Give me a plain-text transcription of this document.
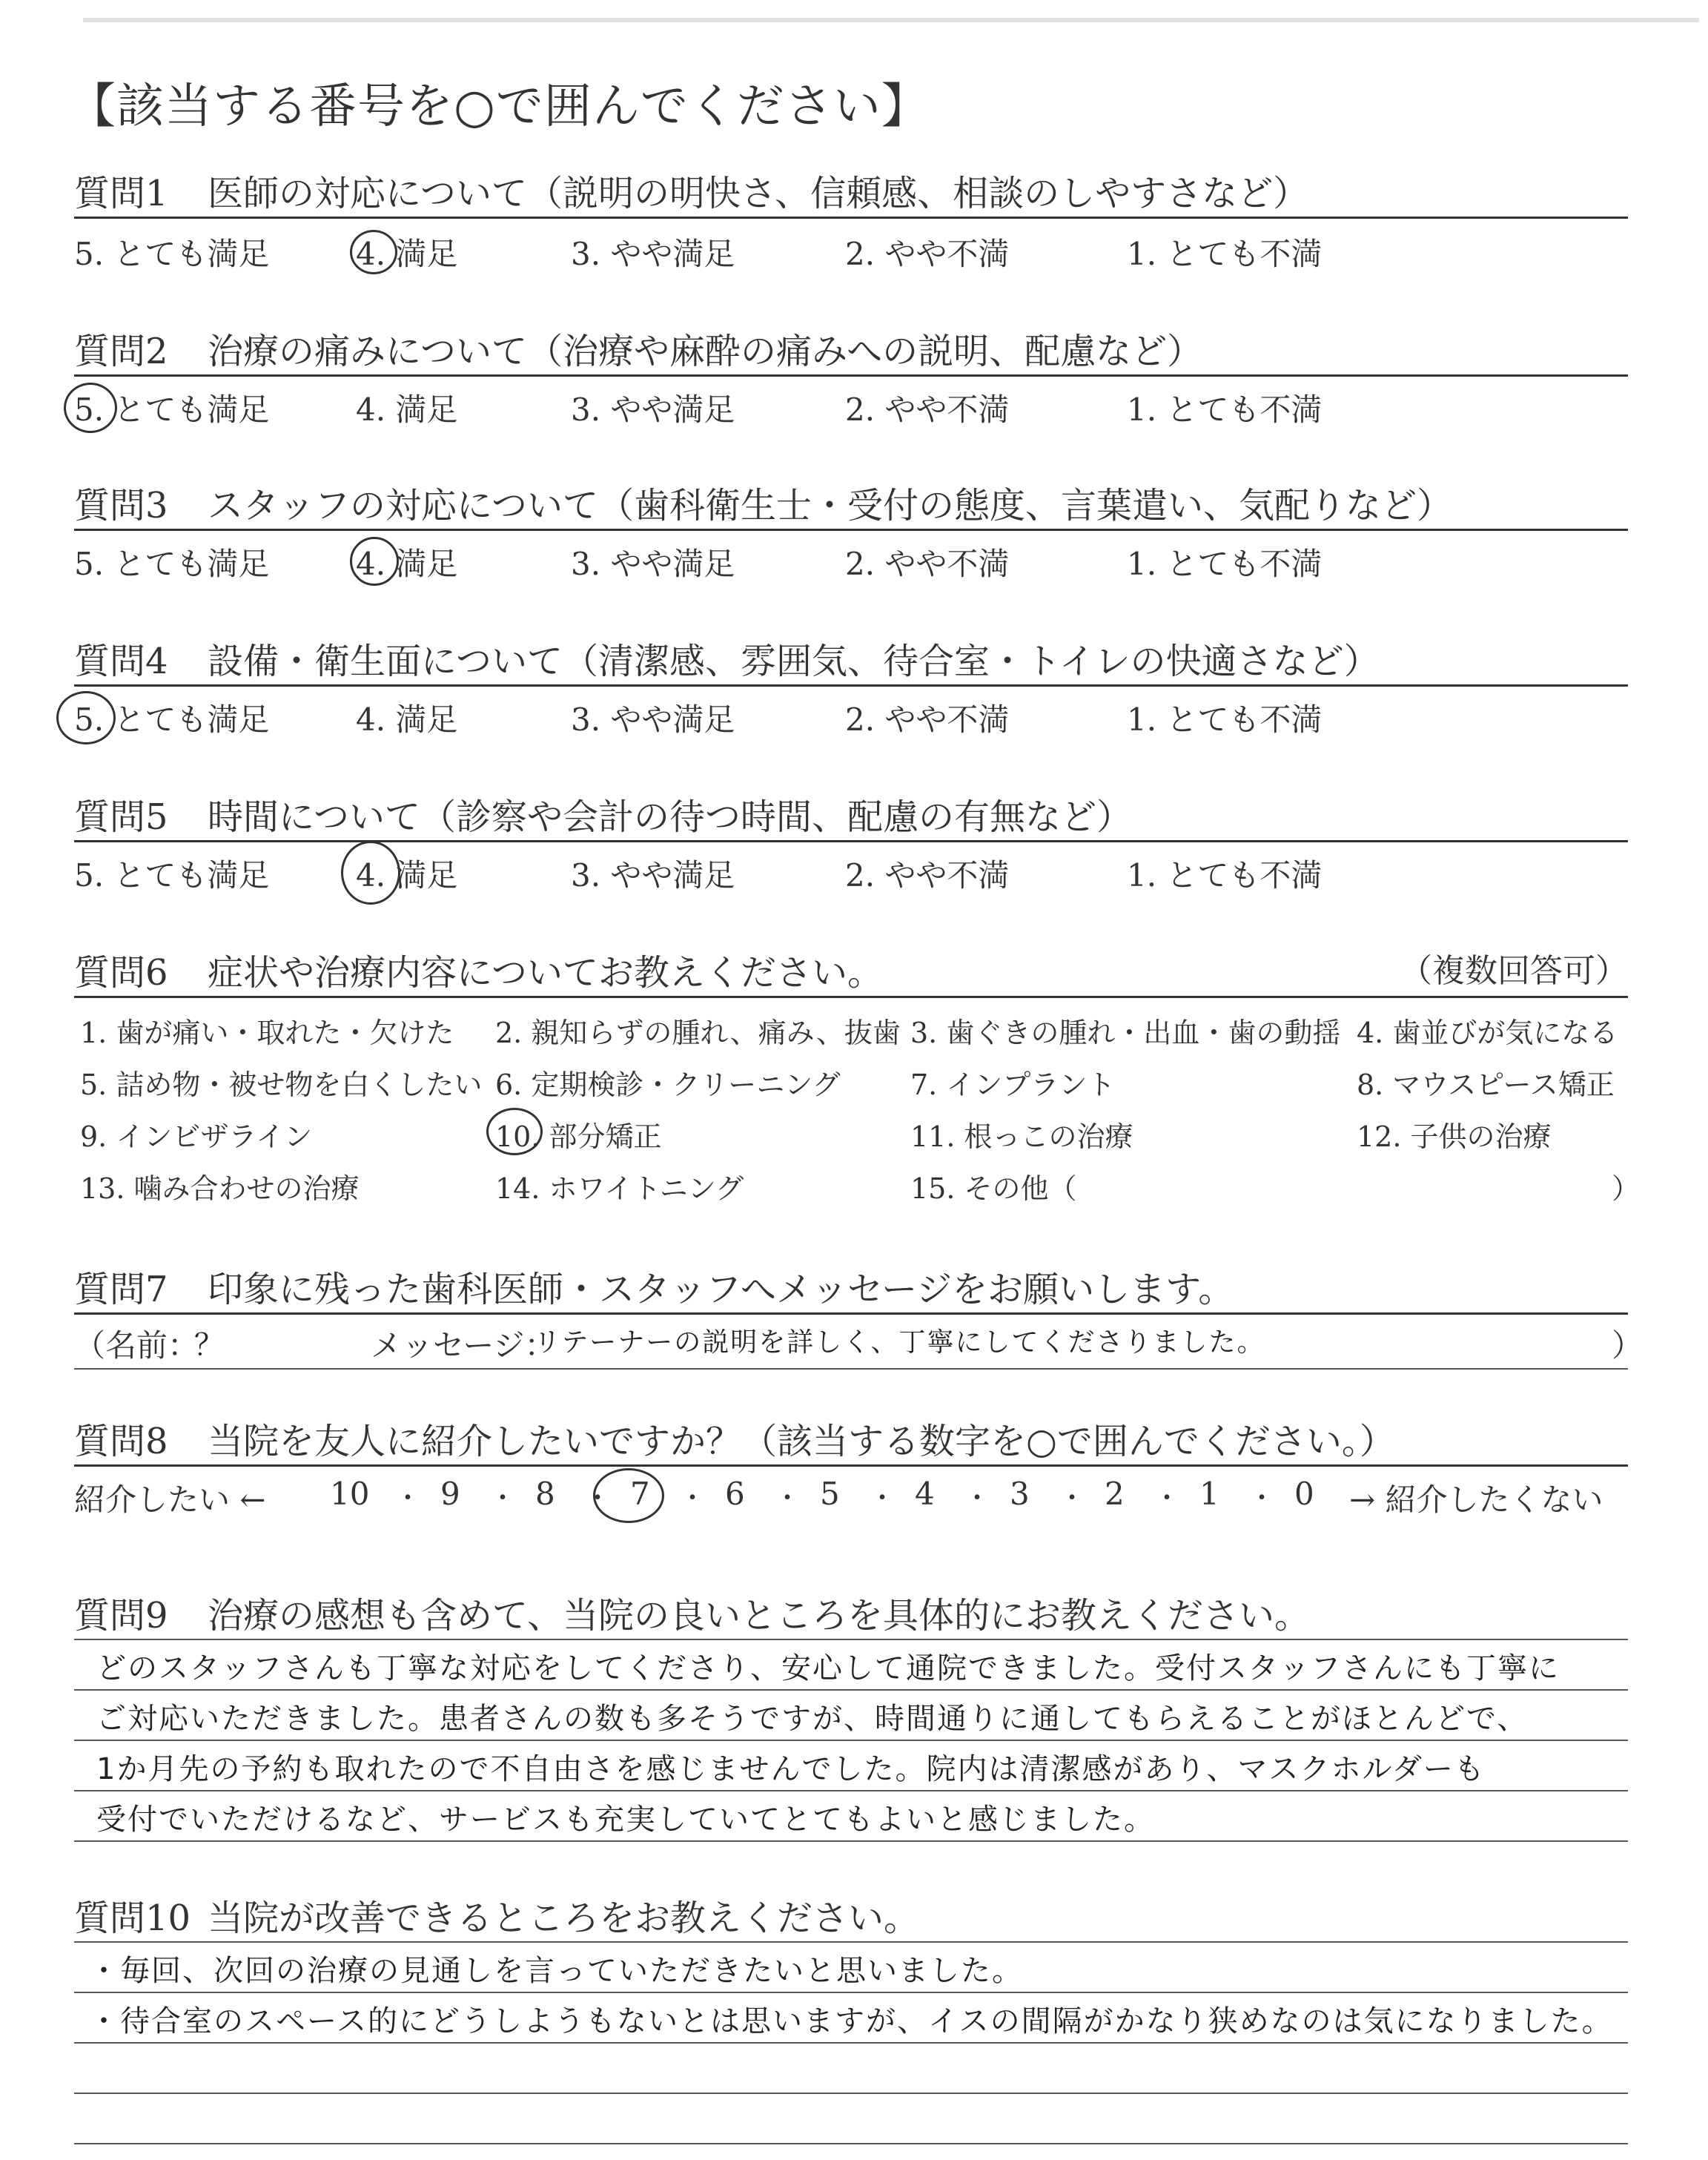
【該当する番号を○で囲んでください】
質問1 医師の対応について（説明の明快さ、信頼感、相談のしやすさなど）
5. とても満足	4. 満足	3. やや満足	2. やや不満	1. とても不満
質問2 治療の痛みについて（治療や麻酔の痛みへの説明、配慮など）
5. とても満足	4. 満足	3. やや満足	2. やや不満	1. とても不満
質問3 スタッフの対応について（歯科衛生士・受付の態度、言葉遣い、気配りなど）
5. とても満足	4. 満足	3. やや満足	2. やや不満	1. とても不満
質問4 設備・衛生面について（清潔感、雰囲気、待合室・トイレの快適さなど）
5. とても満足	4. 満足	3. やや満足	2. やや不満	1. とても不満
質問5 時間について（診察や会計の待つ時間、配慮の有無など）
5. とても満足	4. 満足	3. やや満足	2. やや不満	1. とても不満
質問6 症状や治療内容についてお教えください。	（複数回答可）
1. 歯が痛い・取れた・欠けた 2. 親知らずの腫れ、痛み、抜歯 3. 歯ぐきの腫れ・出血・歯の動揺 4. 歯並びが気になる
5. 詰め物・被せ物を白くしたい 6. 定期検診・クリーニング 7. インプラント	8. マウスピース矯正
9. インビザライン	10. 部分矯正	11. 根っこの治療	12. 子供の治療
13. 噛み合わせの治療	14. ホワイトニング	15. その他（	）
質問7 印象に残った歯科医師・スタッフへメッセージをお願いします。
（名前：
？	メッセージ：
リテーナーの説明を詳しく、丁寧にしてくださりました。	）
質問8 当院を友人に紹介したいですか？（該当する数字を○で囲んでください。）
紹介したい ← 10 9 8 7 6 5 4 3 2 1 0
・	・	・	・	・	・	・	・	・	・ → 紹介したくない
質問9 治療の感想も含めて、当院の良いところを具体的にお教えください。
どのスタッフさんも丁寧な対応をしてくださり、安心して通院できました。受付スタッフさんにも丁寧に
ご対応いただきました。患者さんの数も多そうですが、時間通りに通してもらえることがほとんどで、
1か月先の予約も取れたので不自由さを感じませんでした。院内は清潔感があり、マスクホルダーも
受付でいただけるなど、サービスも充実していてとてもよいと感じました。
質問10 当院が改善できるところをお教えください。
・毎回、次回の治療の見通しを言っていただきたいと思いました。
・待合室のスペース的にどうしようもないとは思いますが、イスの間隔がかなり狭めなのは気になりました。
